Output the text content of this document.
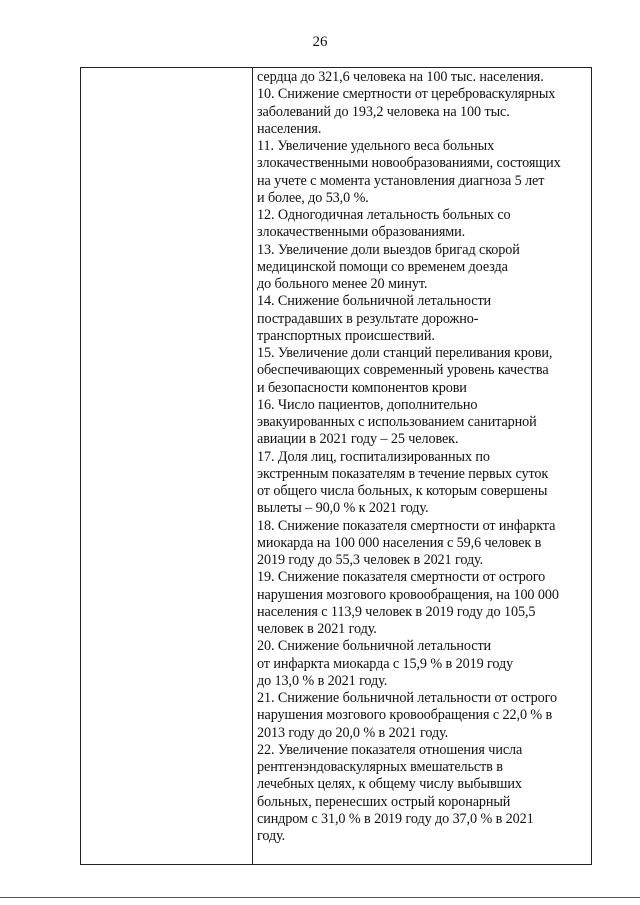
26
сердца до 321,6 человека на 100 тыс. населения.
10. Снижение смертности от цереброваскулярных
заболеваний до 193,2 человека на 100 тыс.
населения.
11. Увеличение удельного веса больных
злокачественными новообразованиями, состоящих
на учете с момента установления диагноза 5 лет
и более, до 53,0 %.
12. Одногодичная летальность больных со
злокачественными образованиями.
13. Увеличение доли выездов бригад скорой
медицинской помощи со временем доезда
до больного менее 20 минут.
14. Снижение больничной летальности
пострадавших в результате дорожно-
транспортных происшествий.
15. Увеличение доли станций переливания крови,
обеспечивающих современный уровень качества
и безопасности компонентов крови
16. Число пациентов, дополнительно
эвакуированных с использованием санитарной
авиации в 2021 году – 25 человек.
17. Доля лиц, госпитализированных по
экстренным показателям в течение первых суток
от общего числа больных, к которым совершены
вылеты – 90,0 % к 2021 году.
18. Снижение показателя смертности от инфаркта
миокарда на 100 000 населения с 59,6 человек в
2019 году до 55,3 человек в 2021 году.
19. Снижение показателя смертности от острого
нарушения мозгового кровообращения, на 100 000
населения с 113,9 человек в 2019 году до 105,5
человек в 2021 году.
20. Снижение больничной летальности
от инфаркта миокарда с 15,9 % в 2019 году
до 13,0 % в 2021 году.
21. Снижение больничной летальности от острого
нарушения мозгового кровообращения с 22,0 % в
2013 году до 20,0 % в 2021 году.
22. Увеличение показателя отношения числа
рентгенэндоваскулярных вмешательств в
лечебных целях, к общему числу выбывших
больных, перенесших острый коронарный
синдром с 31,0 % в 2019 году до 37,0 % в 2021
году.
